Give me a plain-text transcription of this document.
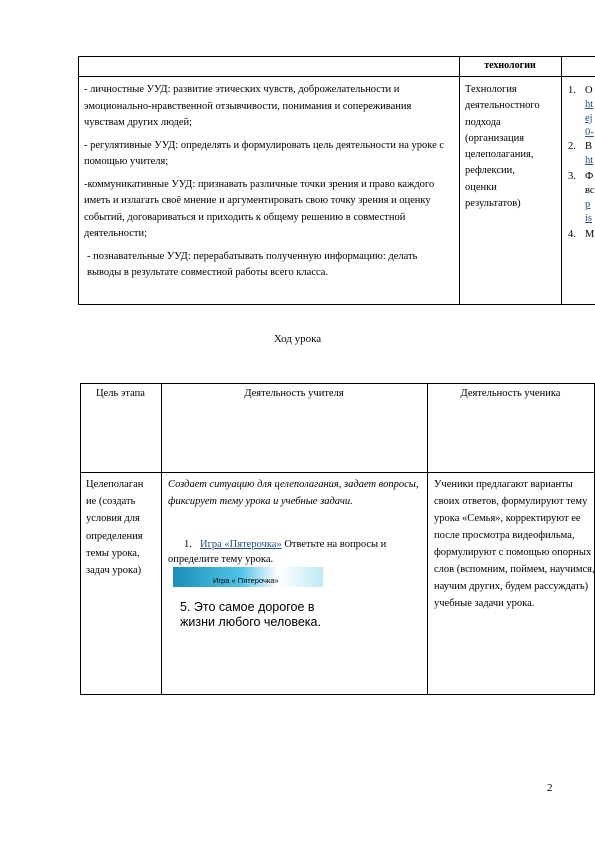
технологии

- личностные УУД: развитие этических чувств, доброжелательности и эмоционально-нравственной отзывчивости, понимания и сопереживания чувствам других людей;

- регулятивные УУД: определять и формулировать цель деятельности на уроке с помощью учителя;

-коммуникативные УУД: признавать различные точки зрения и право каждого иметь и излагать своё мнение и аргументировать свою точку зрения и оценку событий, договариваться и приходить к общему решению в совместной деятельности;

- познавательные УУД: перерабатывать полученную информацию: делать выводы в результате совместной работы всего класса.

Технология
деятельностного
подхода
(организация
целеполагания,
рефлексии,
оценки
результатов)
1. О
ht
ej
0-
2. В
ht
3. Ф
вс
p
is
4. М
Ход урока
Цель этапа	Деятельность учителя	Деятельность ученика
Целеполаган
ие (создать
условия для
определения
темы урока,
задач урока)
Создает ситуацию для целеполагания, задает вопросы, фиксирует тему урока и учебные задачи.
1. Игра «Пятерочка» Ответьте на вопросы и определите тему урока.
Игра « Пятерочка»
5. Это самое дорогое в жизни любого человека.
Ученики предлагают варианты своих ответов, формулируют тему урока «Семья», корректируют ее после просмотра видеофильма, формулируют с помощью опорных слов (вспомним, поймем, научимся, научим других, будем рассуждать) учебные задачи урока.
2
